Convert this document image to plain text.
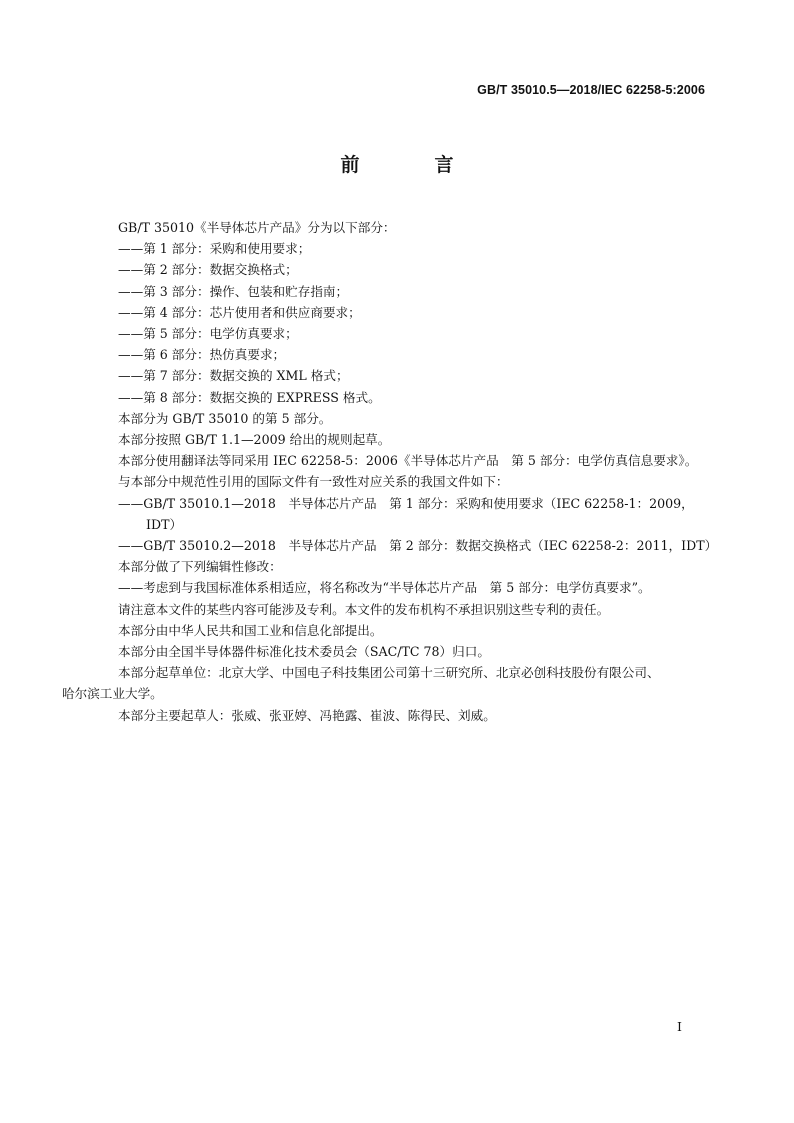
GB/T 35010.5—2018/IEC 62258-5:2006
前　言
GB/T 35010《半导体芯片产品》分为以下部分：
——第 1 部分：采购和使用要求；
——第 2 部分：数据交换格式；
——第 3 部分：操作、包装和贮存指南；
——第 4 部分：芯片使用者和供应商要求；
——第 5 部分：电学仿真要求；
——第 6 部分：热仿真要求；
——第 7 部分：数据交换的 XML 格式；
——第 8 部分：数据交换的 EXPRESS 格式。
本部分为 GB/T 35010 的第 5 部分。
本部分按照 GB/T 1.1—2009 给出的规则起草。
本部分使用翻译法等同采用 IEC 62258-5：2006《半导体芯片产品　第 5 部分：电学仿真信息要求》。
与本部分中规范性引用的国际文件有一致性对应关系的我国文件如下：
——GB/T 35010.1—2018　半导体芯片产品　第 1 部分：采购和使用要求（IEC 62258-1：2009，
IDT）
——GB/T 35010.2—2018　半导体芯片产品　第 2 部分：数据交换格式（IEC 62258-2：2011，IDT）
本部分做了下列编辑性修改：
——考虑到与我国标准体系相适应，将名称改为“半导体芯片产品　第 5 部分：电学仿真要求”。
请注意本文件的某些内容可能涉及专利。本文件的发布机构不承担识别这些专利的责任。
本部分由中华人民共和国工业和信息化部提出。
本部分由全国半导体器件标准化技术委员会（SAC/TC 78）归口。
本部分起草单位：北京大学、中国电子科技集团公司第十三研究所、北京必创科技股份有限公司、
哈尔滨工业大学。
本部分主要起草人：张威、张亚婷、冯艳露、崔波、陈得民、刘威。
I
